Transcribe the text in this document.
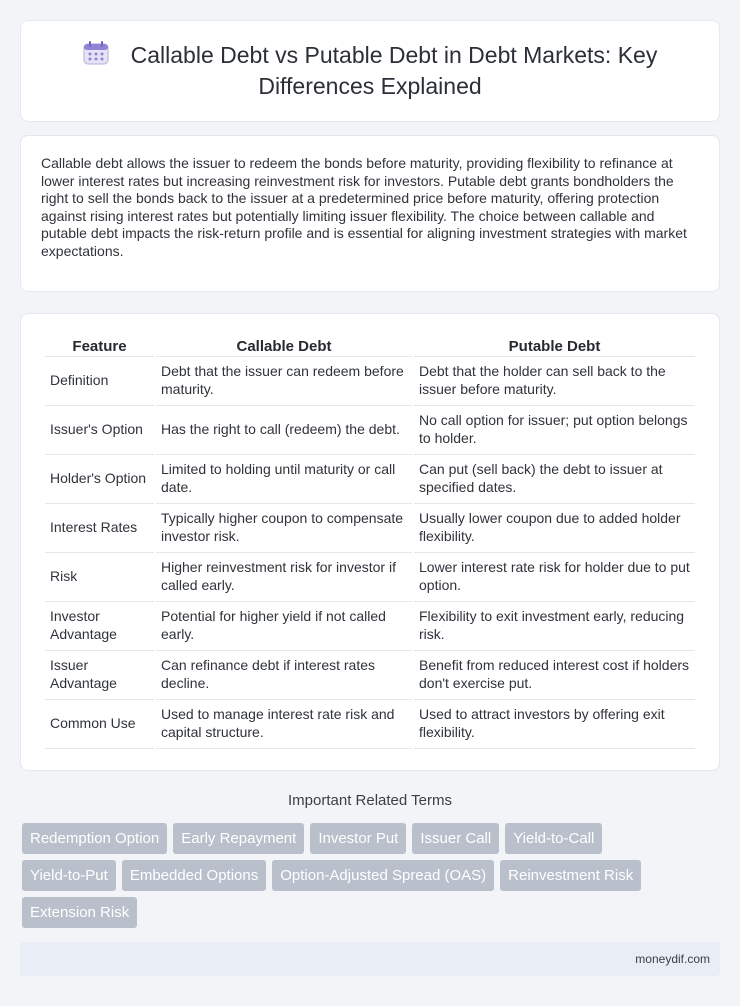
Callable Debt vs Putable Debt in Debt Markets: Key Differences Explained

Callable debt allows the issuer to redeem the bonds before maturity, providing flexibility to refinance at lower interest rates but increasing reinvestment risk for investors. Putable debt grants bondholders the right to sell the bonds back to the issuer at a predetermined price before maturity, offering protection against rising interest rates but potentially limiting issuer flexibility. The choice between callable and putable debt impacts the risk-return profile and is essential for aligning investment strategies with market expectations.

Feature	Callable Debt	Putable Debt
Definition	Debt that the issuer can redeem before maturity.	Debt that the holder can sell back to the issuer before maturity.
Issuer's Option	Has the right to call (redeem) the debt.	No call option for issuer; put option belongs to holder.
Holder's Option	Limited to holding until maturity or call date.	Can put (sell back) the debt to issuer at specified dates.
Interest Rates	Typically higher coupon to compensate investor risk.	Usually lower coupon due to added holder flexibility.
Risk	Higher reinvestment risk for investor if called early.	Lower interest rate risk for holder due to put option.
Investor Advantage	Potential for higher yield if not called early.	Flexibility to exit investment early, reducing risk.
Issuer Advantage	Can refinance debt if interest rates decline.	Benefit from reduced interest cost if holders don't exercise put.
Common Use	Used to manage interest rate risk and capital structure.	Used to attract investors by offering exit flexibility.
Important Related Terms
Redemption Option	Early Repayment	Investor Put	Issuer Call	Yield-to-Call
Yield-to-Put	Embedded Options	Option-Adjusted Spread (OAS)	Reinvestment Risk
Extension Risk
moneydif.com
